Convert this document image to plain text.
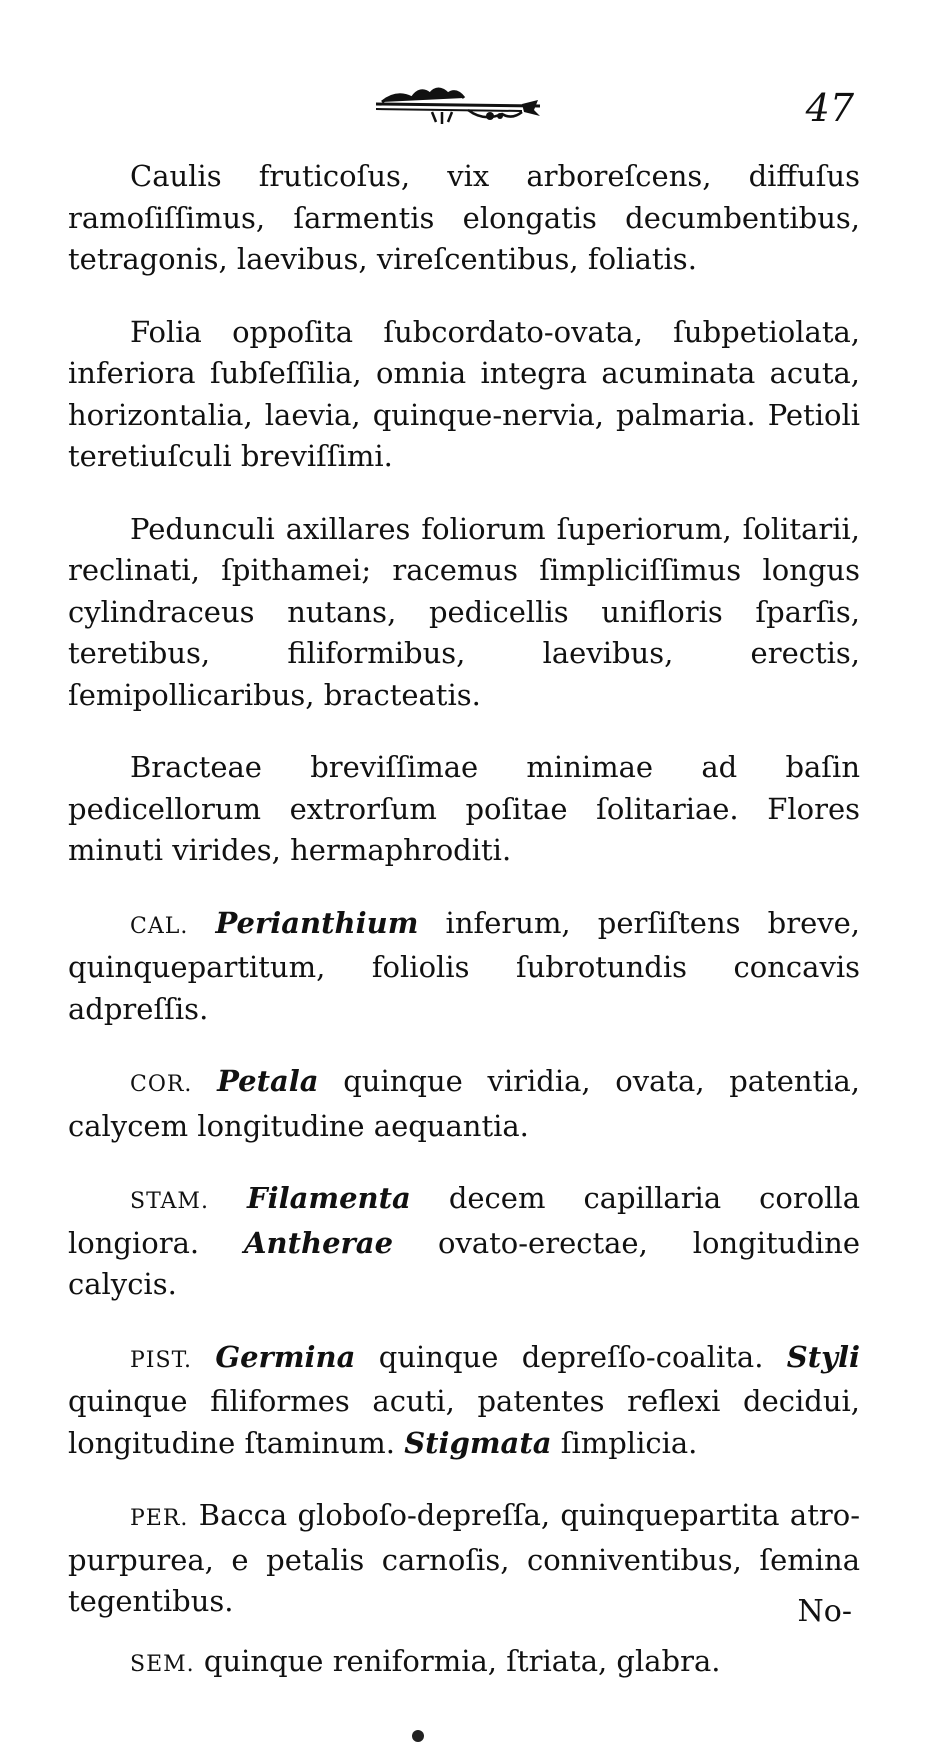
47

Caulis fruticoſus, vix arboreſcens, diffuſus ramoſiſſimus, ſarmentis elongatis decumbentibus, tetragonis, laevibus, vireſcentibus, foliatis.

Folia oppoſita ſubcordato-ovata, ſubpetiolata, inferiora ſubſeſſilia, omnia integra acuminata acuta, horizontalia, laevia, quinque-nervia, palmaria. Petioli teretiuſculi breviſſimi.

Pedunculi axillares foliorum ſuperiorum, ſolitarii, reclinati, ſpithamei; racemus ſimpliciſſimus longus cylindraceus nutans, pedicellis unifloris ſparſis, teretibus, filiformibus, laevibus, erectis, ſemipollicaribus, bracteatis.

Bracteae breviſſimae minimae ad baſin pedicellorum extrorſum poſitae ſolitariae. Flores minuti virides, hermaphroditi.

CAL. Perianthium inferum, perſiſtens breve, quinquepartitum, foliolis ſubrotundis concavis adpreſſis.

COR. Petala quinque viridia, ovata, patentia, calycem longitudine aequantia.

STAM. Filamenta decem capillaria corolla longiora. Antherae ovato-erectae, longitudine calycis.

PIST. Germina quinque depreſſo-coalita. Styli quinque filiformes acuti, patentes reflexi decidui, longitudine ſtaminum. Stigmata ſimplicia.

PER. Bacca globoſo-depreſſa, quinquepartita atro-purpurea, e petalis carnoſis, conniventibus, ſemina tegentibus.

SEM. quinque reniformia, ſtriata, glabra.

No-
